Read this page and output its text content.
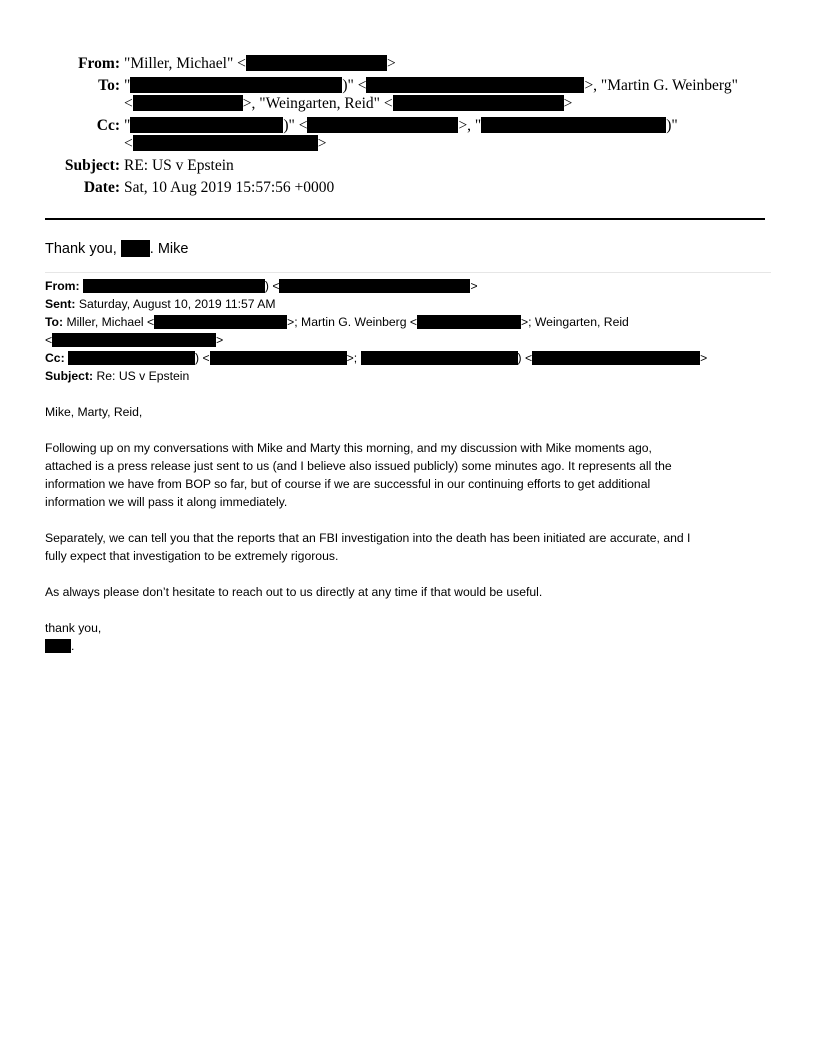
From: "Miller, Michael" <	>
To: "	)" <	>, "Martin G. Weinberg"
<	>, "Weingarten, Reid" <	>
Cc: "	)" <	>, "	)"
<	>
Subject: RE: US v Epstein
Date: Sat, 10 Aug 2019 15:57:56 +0000
Thank you, . Mike
From:	) <	>
Sent: Saturday, August 10, 2019 11:57 AM
To: Miller, Michael <	>; Martin G. Weinberg <	>; Weingarten, Reid
<	>
Cc:	) <	>;	) <	>
Subject: Re: US v Epstein
Mike, Marty, Reid,
Following up on my conversations with Mike and Marty this morning, and my discussion with Mike moments ago,
attached is a press release just sent to us (and I believe also issued publicly) some minutes ago. It represents all the
information we have from BOP so far, but of course if we are successful in our continuing efforts to get additional
information we will pass it along immediately.
Separately, we can tell you that the reports that an FBI investigation into the death has been initiated are accurate, and I
fully expect that investigation to be extremely rigorous.
As always please don’t hesitate to reach out to us directly at any time if that would be useful.
thank you,
.
